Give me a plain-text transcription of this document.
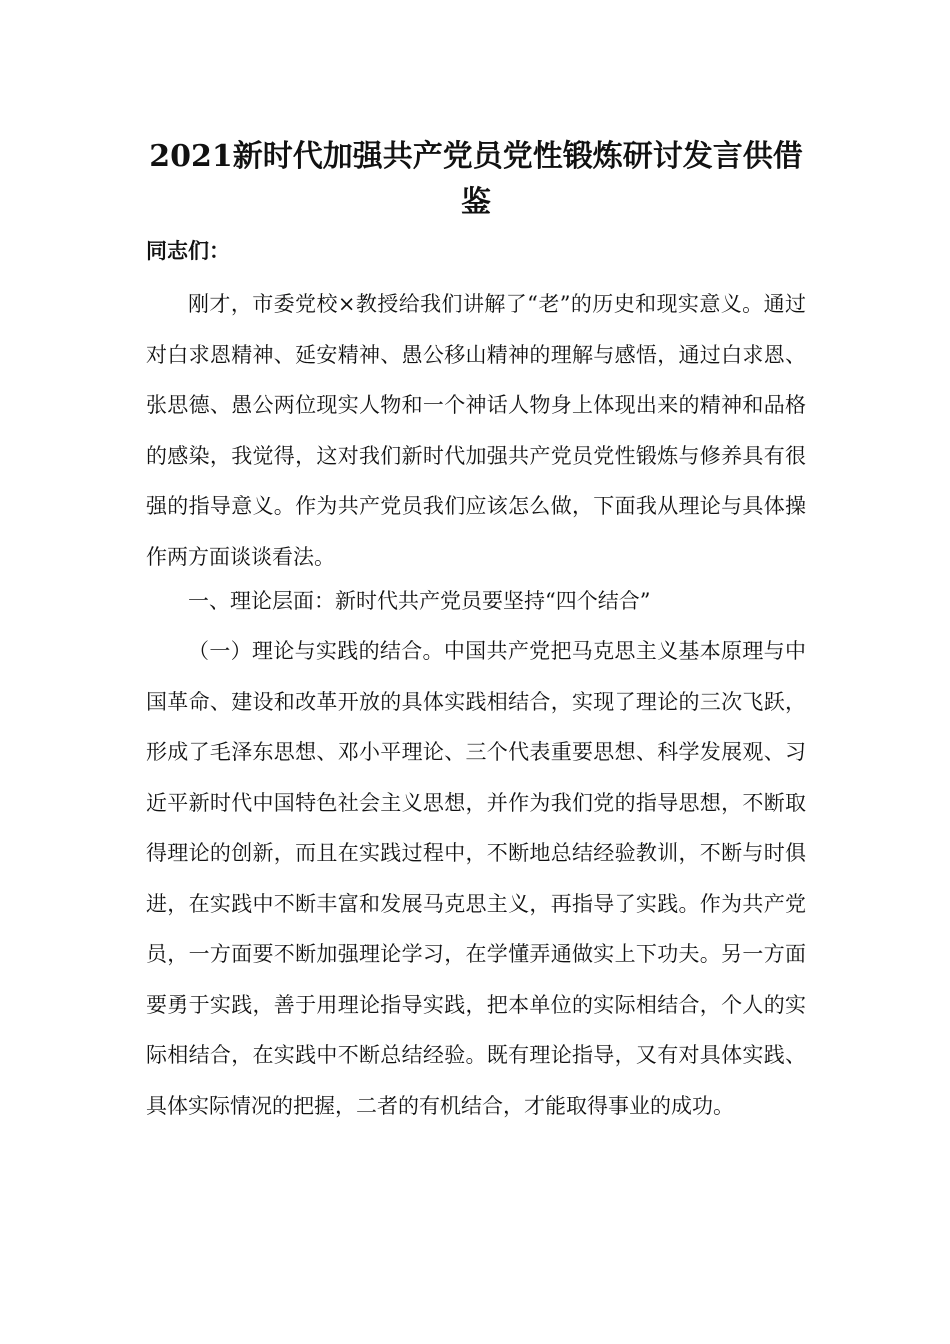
2021新时代加强共产党员党性锻炼研讨发言供借鉴
同志们：

刚才，市委党校×教授给我们讲解了“老”的历史和现实意义。通过对白求恩精神、延安精神、愚公移山精神的理解与感悟，通过白求恩、张思德、愚公两位现实人物和一个神话人物身上体现出来的精神和品格的感染，我觉得，这对我们新时代加强共产党员党性锻炼与修养具有很强的指导意义。作为共产党员我们应该怎么做，下面我从理论与具体操作两方面谈谈看法。

一、理论层面：新时代共产党员要坚持“四个结合”

（一）理论与实践的结合。中国共产党把马克思主义基本原理与中国革命、建设和改革开放的具体实践相结合，实现了理论的三次飞跃，形成了毛泽东思想、邓小平理论、三个代表重要思想、科学发展观、习近平新时代中国特色社会主义思想，并作为我们党的指导思想，不断取得理论的创新，而且在实践过程中，不断地总结经验教训，不断与时俱进，在实践中不断丰富和发展马克思主义，再指导了实践。作为共产党员，一方面要不断加强理论学习，在学懂弄通做实上下功夫。另一方面要勇于实践，善于用理论指导实践，把本单位的实际相结合，个人的实际相结合，在实践中不断总结经验。既有理论指导，又有对具体实践、具体实际情况的把握，二者的有机结合，才能取得事业的成功。
